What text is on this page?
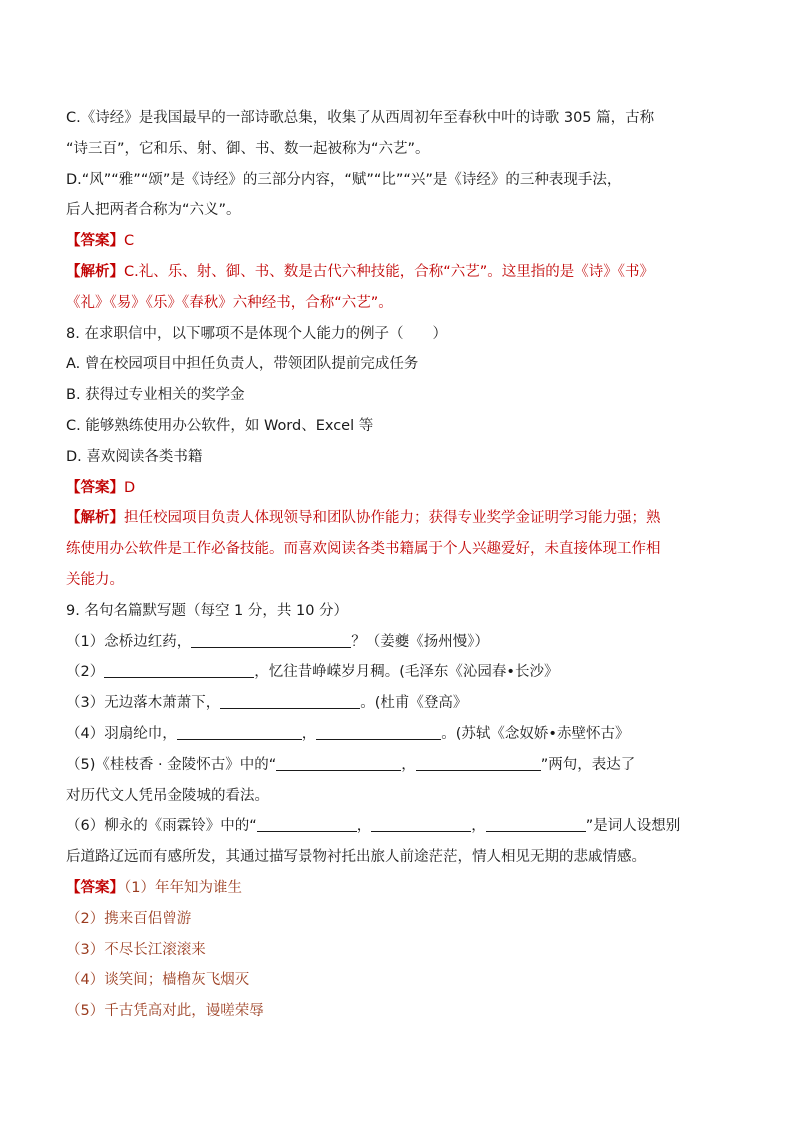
C.《诗经》是我国最早的一部诗歌总集，收集了从西周初年至春秋中叶的诗歌 305 篇，古称

“诗三百”，它和乐、射、御、书、数一起被称为“六艺”。

D.“风”“雅”“颂”是《诗经》的三部分内容，“赋”“比”“兴”是《诗经》的三种表现手法，

后人把两者合称为“六义”。

【答案】C

【解析】C.礼、乐、射、御、书、数是古代六种技能，合称“六艺”。这里指的是《诗》《书》

《礼》《易》《乐》《春秋》六种经书，合称“六艺”。

8. 在求职信中，以下哪项不是体现个人能力的例子（　　）

A. 曾在校园项目中担任负责人，带领团队提前完成任务

B. 获得过专业相关的奖学金

C. 能够熟练使用办公软件，如 Word、Excel 等

D. 喜欢阅读各类书籍

【答案】D

【解析】担任校园项目负责人体现领导和团队协作能力；获得专业奖学金证明学习能力强；熟

练使用办公软件是工作必备技能。而喜欢阅读各类书籍属于个人兴趣爱好，未直接体现工作相

关能力。

9. 名句名篇默写题（每空 1 分，共 10 分）

（1）念桥边红药，	？（姜夔《扬州慢》）

（2）	，忆往昔峥嵘岁月稠。(毛泽东《沁园春•长沙》

（3）无边落木萧萧下，	。(杜甫《登高》

（4）羽扇纶巾，	，	。(苏轼《念奴娇•赤壁怀古》

（5)《桂枝香 · 金陵怀古》中的“	，	”两句，表达了

对历代文人凭吊金陵城的看法。

（6）柳永的《雨霖铃》中的“	，	，	”是词人设想别

后道路辽远而有感所发，其通过描写景物衬托出旅人前途茫茫，情人相见无期的悲戚情感。

【答案】（1）年年知为谁生

（2）携来百侣曾游

（3）不尽长江滚滚来

（4）谈笑间；樯橹灰飞烟灭

（5）千古凭高对此，谩嗟荣辱
